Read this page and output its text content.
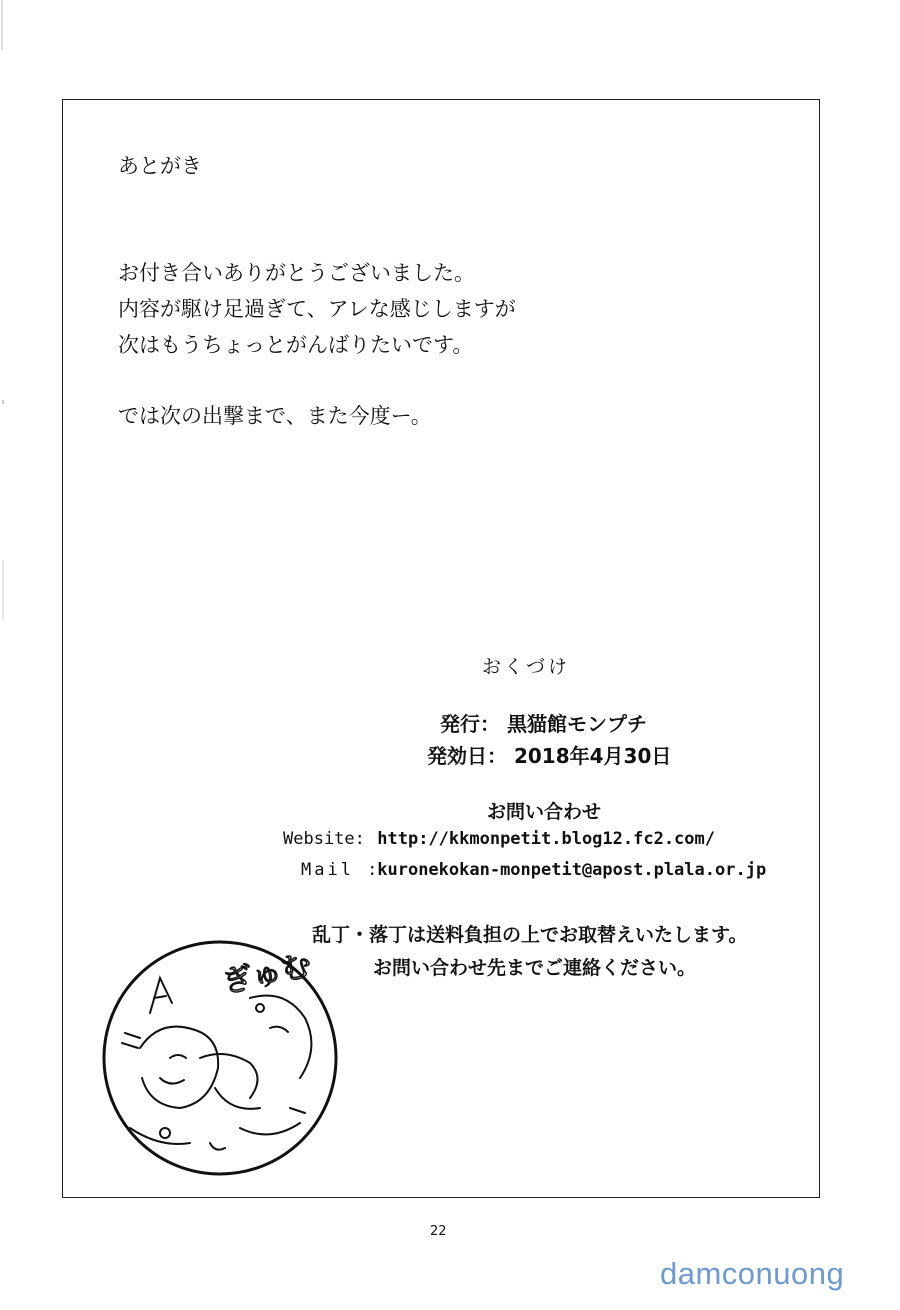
あとがき
お付き合いありがとうございました。
内容が駆け足過ぎて、アレな感じしますが
次はもうちょっとがんばりたいです。
では次の出撃まで、また今度ー。
おくづけ
発行： 黒猫館モンプチ
発効日： 2018年4月30日
お問い合わせ
Website: http://kkmonpetit.blog12.fc2.com/
Mail : kuronekokan-monpetit@apost.plala.or.jp
乱丁・落丁は送料負担の上でお取替えいたします。
お問い合わせ先までご連絡ください。
ぎゅむ
22
damconuong
